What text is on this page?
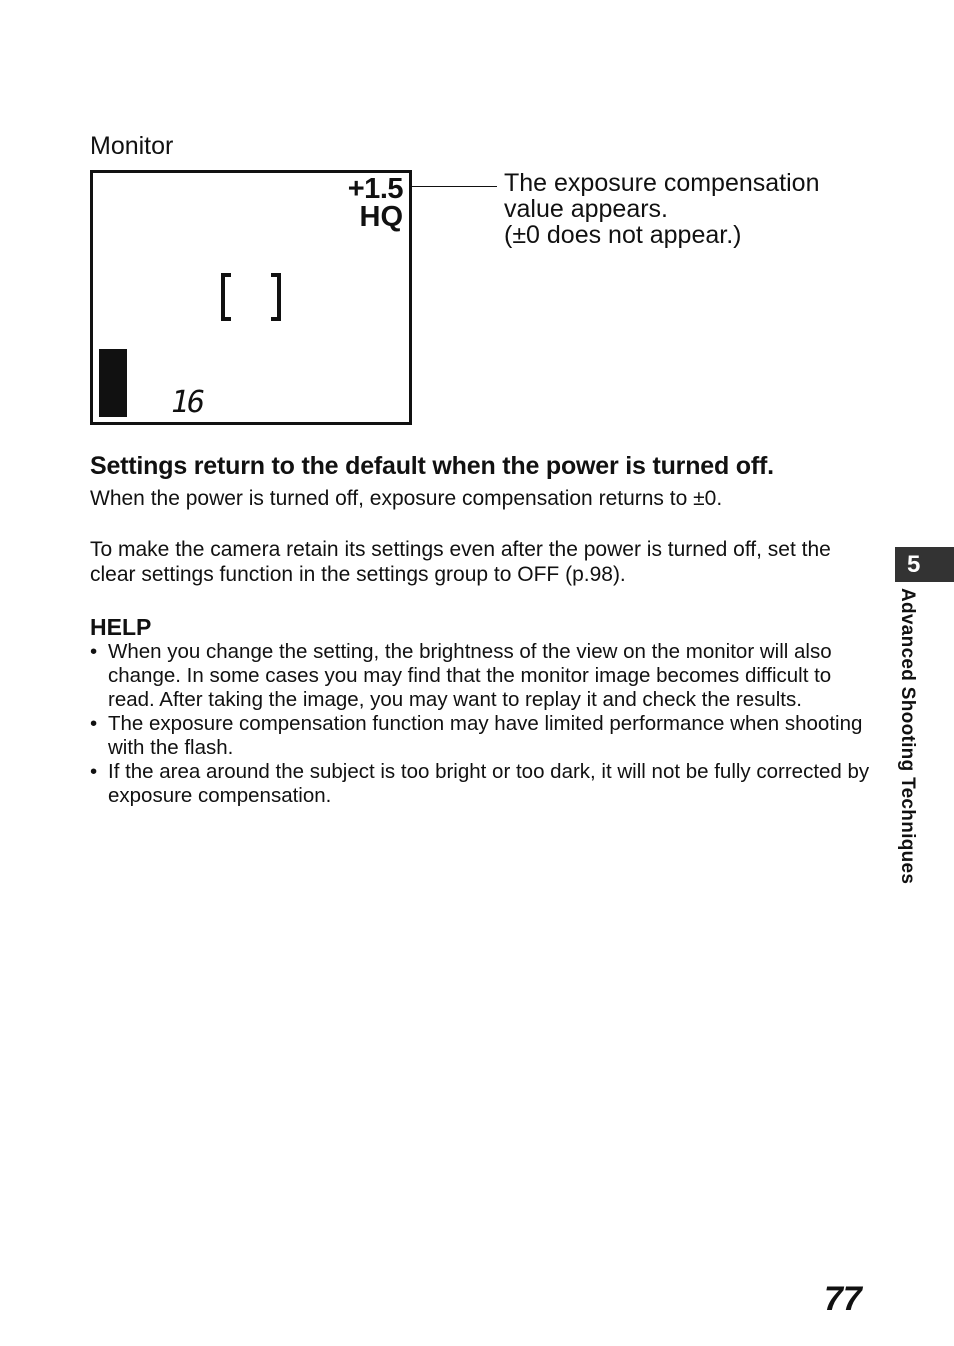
Monitor
+1.5
HQ
16
The exposure compensation
value appears.
(±0 does not appear.)
Settings return to the default when the power is turned off.
When the power is turned off, exposure compensation returns to ±0.
To make the camera retain its settings even after the power is turned off, set the clear settings function in the settings group to OFF (p.98).
HELP
• When you change the setting, the brightness of the view on the monitor will also change. In some cases you may find that the monitor image becomes difficult to read. After taking the image, you may want to replay it and check the results.
• The exposure compensation function may have limited performance when shooting with the flash.
• If the area around the subject is too bright or too dark, it will not be fully corrected by exposure compensation.
5
Advanced Shooting Techniques
77
